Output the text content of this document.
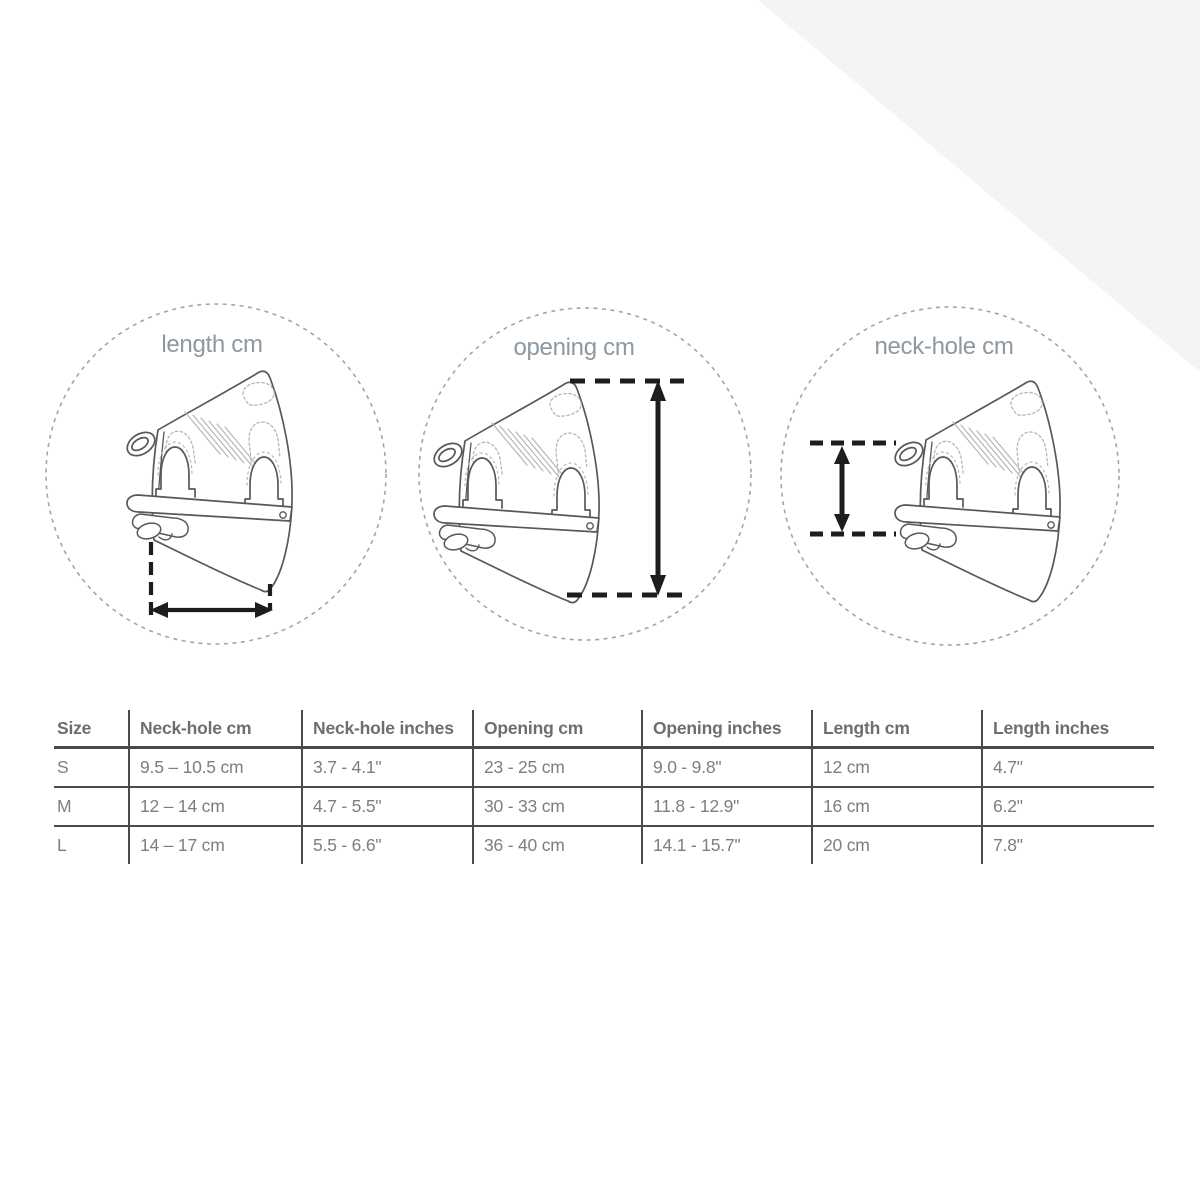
length cm	opening cm	neck-hole cm
Size	Neck-hole cm	Neck-hole inches	Opening cm	Opening inches	Length cm	Length inches
S	9.5 – 10.5 cm	3.7 - 4.1"	23 - 25 cm	9.0 - 9.8"	12 cm	4.7"
M	12 – 14 cm	4.7 - 5.5"	30 - 33 cm	11.8 - 12.9"	16 cm	6.2"
L	14 – 17 cm	5.5 - 6.6"	36 - 40 cm	14.1 - 15.7"	20 cm	7.8"
